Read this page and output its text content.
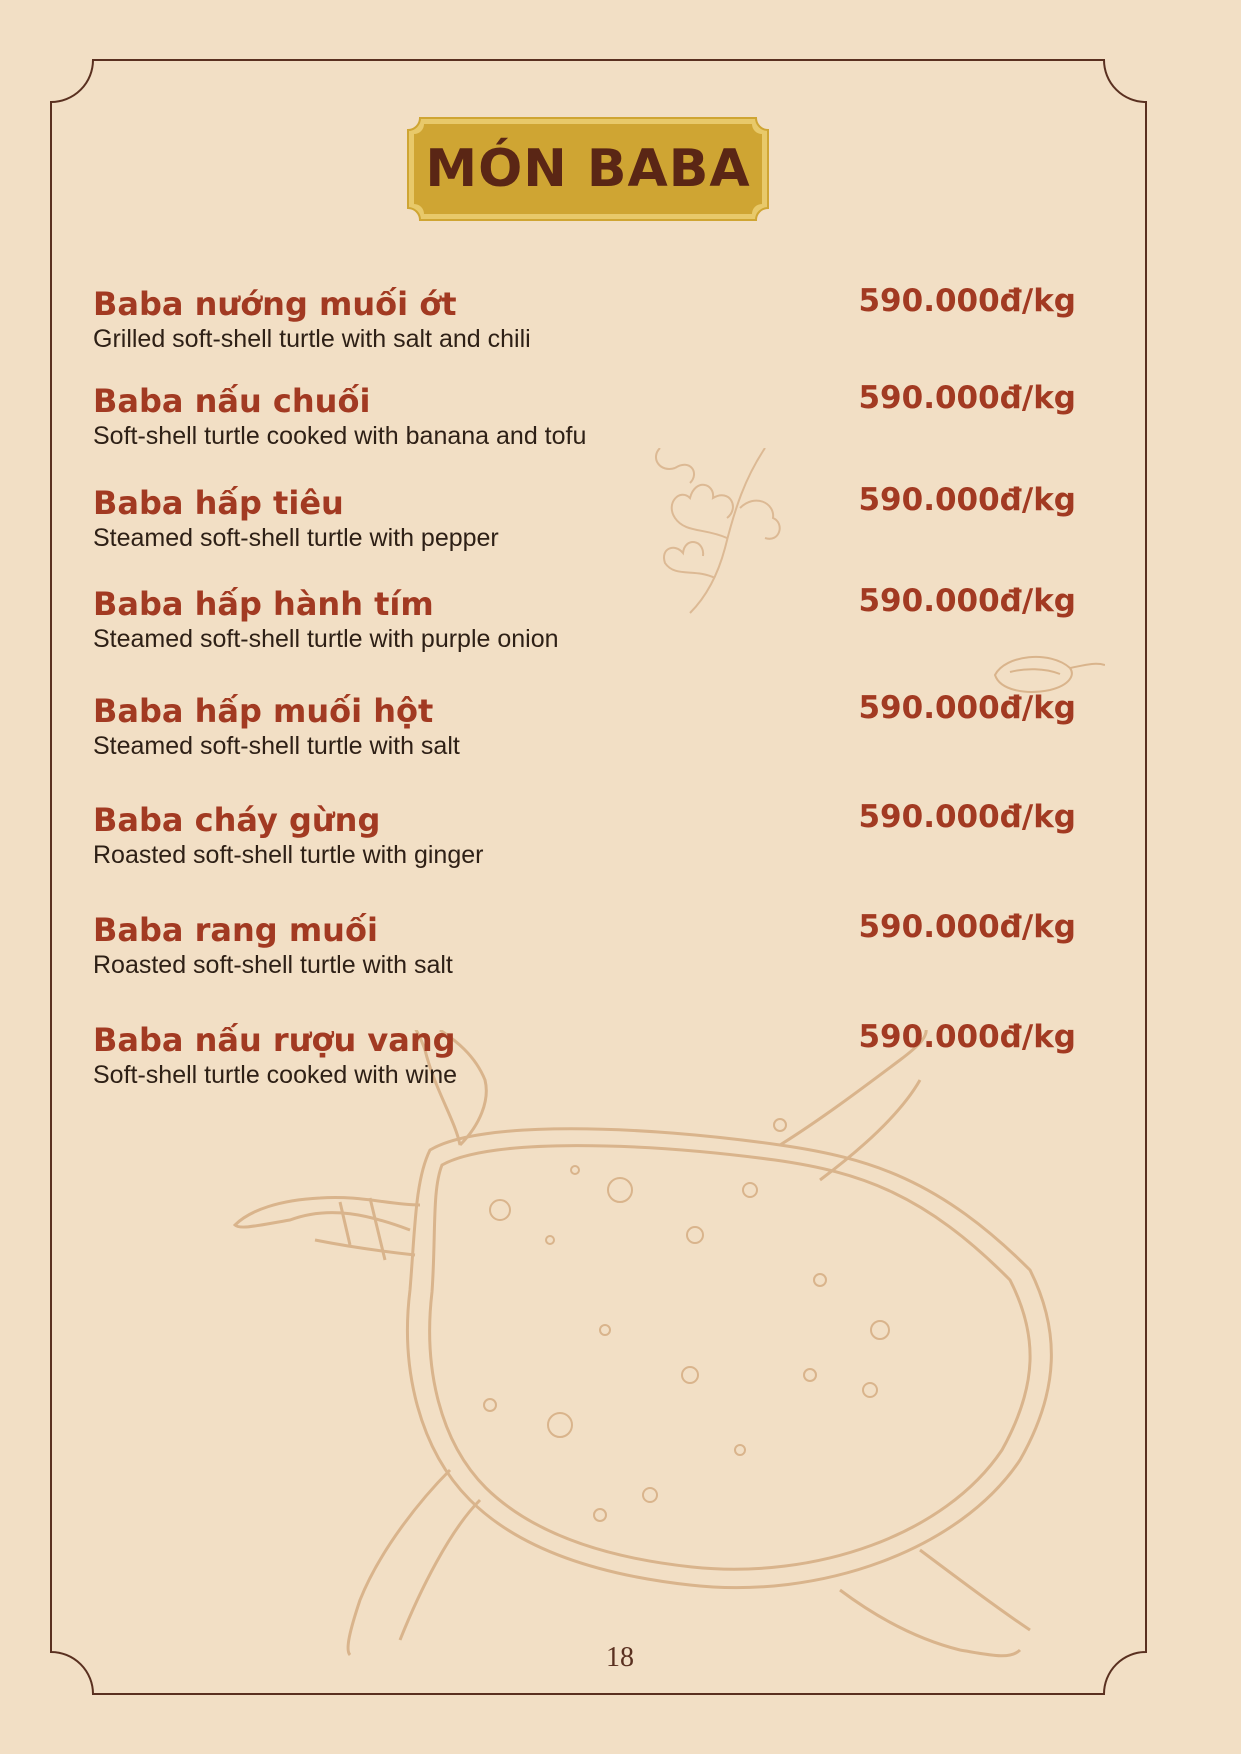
MÓN BABA
Baba nướng muối ớt
Grilled soft-shell turtle with salt and chili
590.000đ/kg
Baba nấu chuối
Soft-shell turtle cooked with banana and tofu
590.000đ/kg
Baba hấp tiêu
Steamed soft-shell turtle with pepper
590.000đ/kg
Baba hấp hành tím
Steamed soft-shell turtle with purple onion
590.000đ/kg
Baba hấp muối hột
Steamed soft-shell turtle with salt
590.000đ/kg
Baba cháy gừng
Roasted soft-shell turtle with ginger
590.000đ/kg
Baba rang muối
Roasted soft-shell turtle with salt
590.000đ/kg
Baba nấu rượu vang
Soft-shell turtle cooked with wine
590.000đ/kg
18
